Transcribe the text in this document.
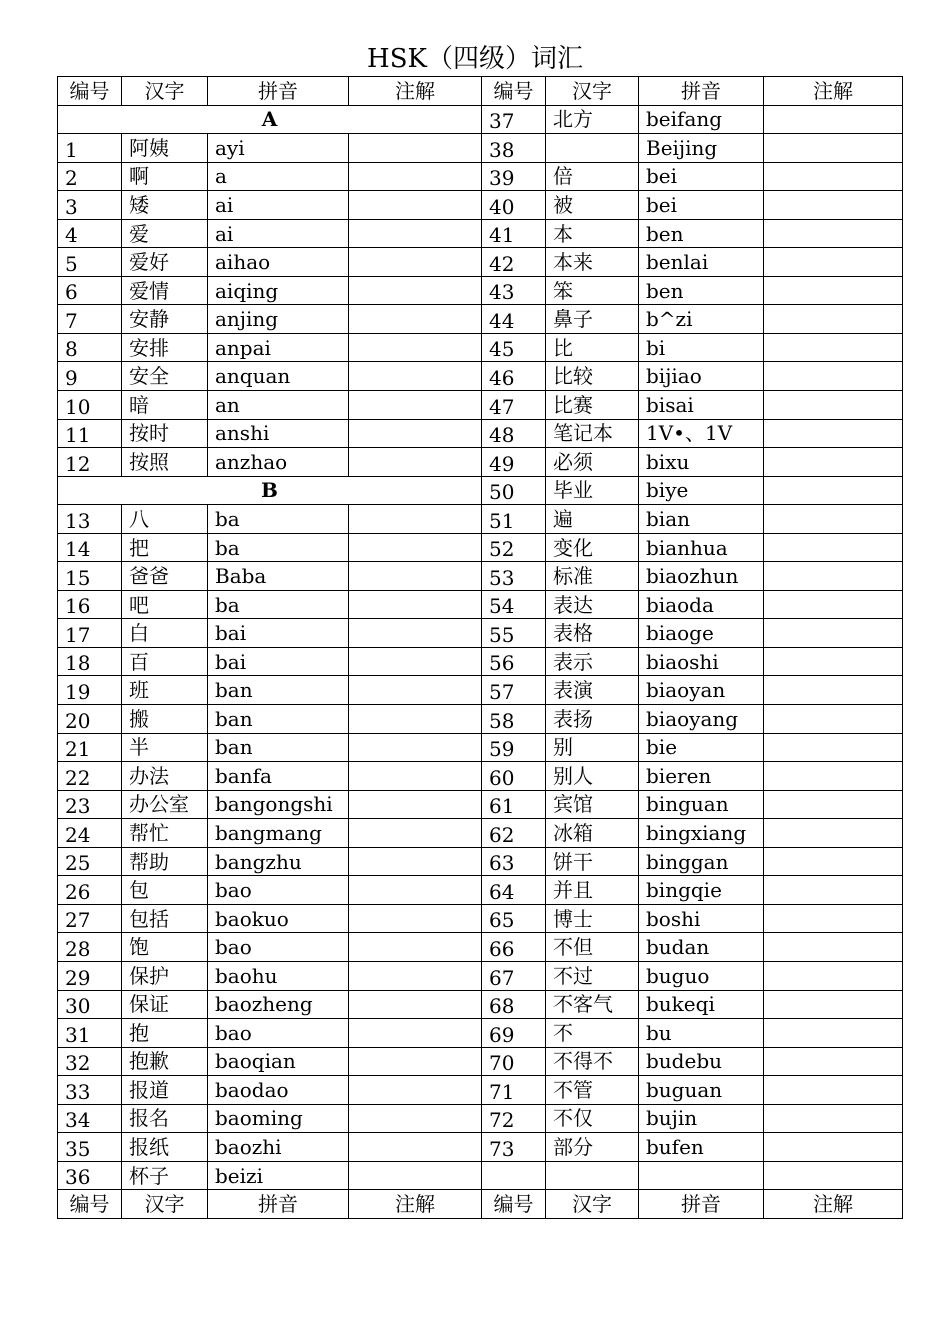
HSK（四级）词汇
编号	汉字	拼音	注解	编号	汉字	拼音	注解
A				37	北方	beifang	
1	阿姨	ayi		38		Beijing	
2	啊	a		39	倍	bei	
3	矮	ai		40	被	bei	
4	爱	ai		41	本	ben	
5	爱好	aihao		42	本来	benlai	
6	爱情	aiqing		43	笨	ben	
7	安静	anjing		44	鼻子	b^zi	
8	安排	anpai		45	比	bi	
9	安全	anquan		46	比较	bijiao	
10	暗	an		47	比赛	bisai	
11	按时	anshi		48	笔记本	1V•、1V	
12	按照	anzhao		49	必须	bixu	
B				50	毕业	biye	
13	八	ba		51	遍	bian	
14	把	ba		52	变化	bianhua	
15	爸爸	Baba		53	标准	biaozhun	
16	吧	ba		54	表达	biaoda	
17	白	bai		55	表格	biaoge	
18	百	bai		56	表示	biaoshi	
19	班	ban		57	表演	biaoyan	
20	搬	ban		58	表扬	biaoyang	
21	半	ban		59	别	bie	
22	办法	banfa		60	别人	bieren	
23	办公室	bangongshi		61	宾馆	binguan	
24	帮忙	bangmang		62	冰箱	bingxiang	
25	帮助	bangzhu		63	饼干	binggan	
26	包	bao		64	并且	bingqie	
27	包括	baokuo		65	博士	boshi	
28	饱	bao		66	不但	budan	
29	保护	baohu		67	不过	buguo	
30	保证	baozheng		68	不客气	bukeqi	
31	抱	bao		69	不	bu	
32	抱歉	baoqian		70	不得不	budebu	
33	报道	baodao		71	不管	buguan	
34	报名	baoming		72	不仅	bujin	
35	报纸	baozhi		73	部分	bufen	
36	杯子	beizi					
编号	汉字	拼音	注解	编号	汉字	拼音	注解
